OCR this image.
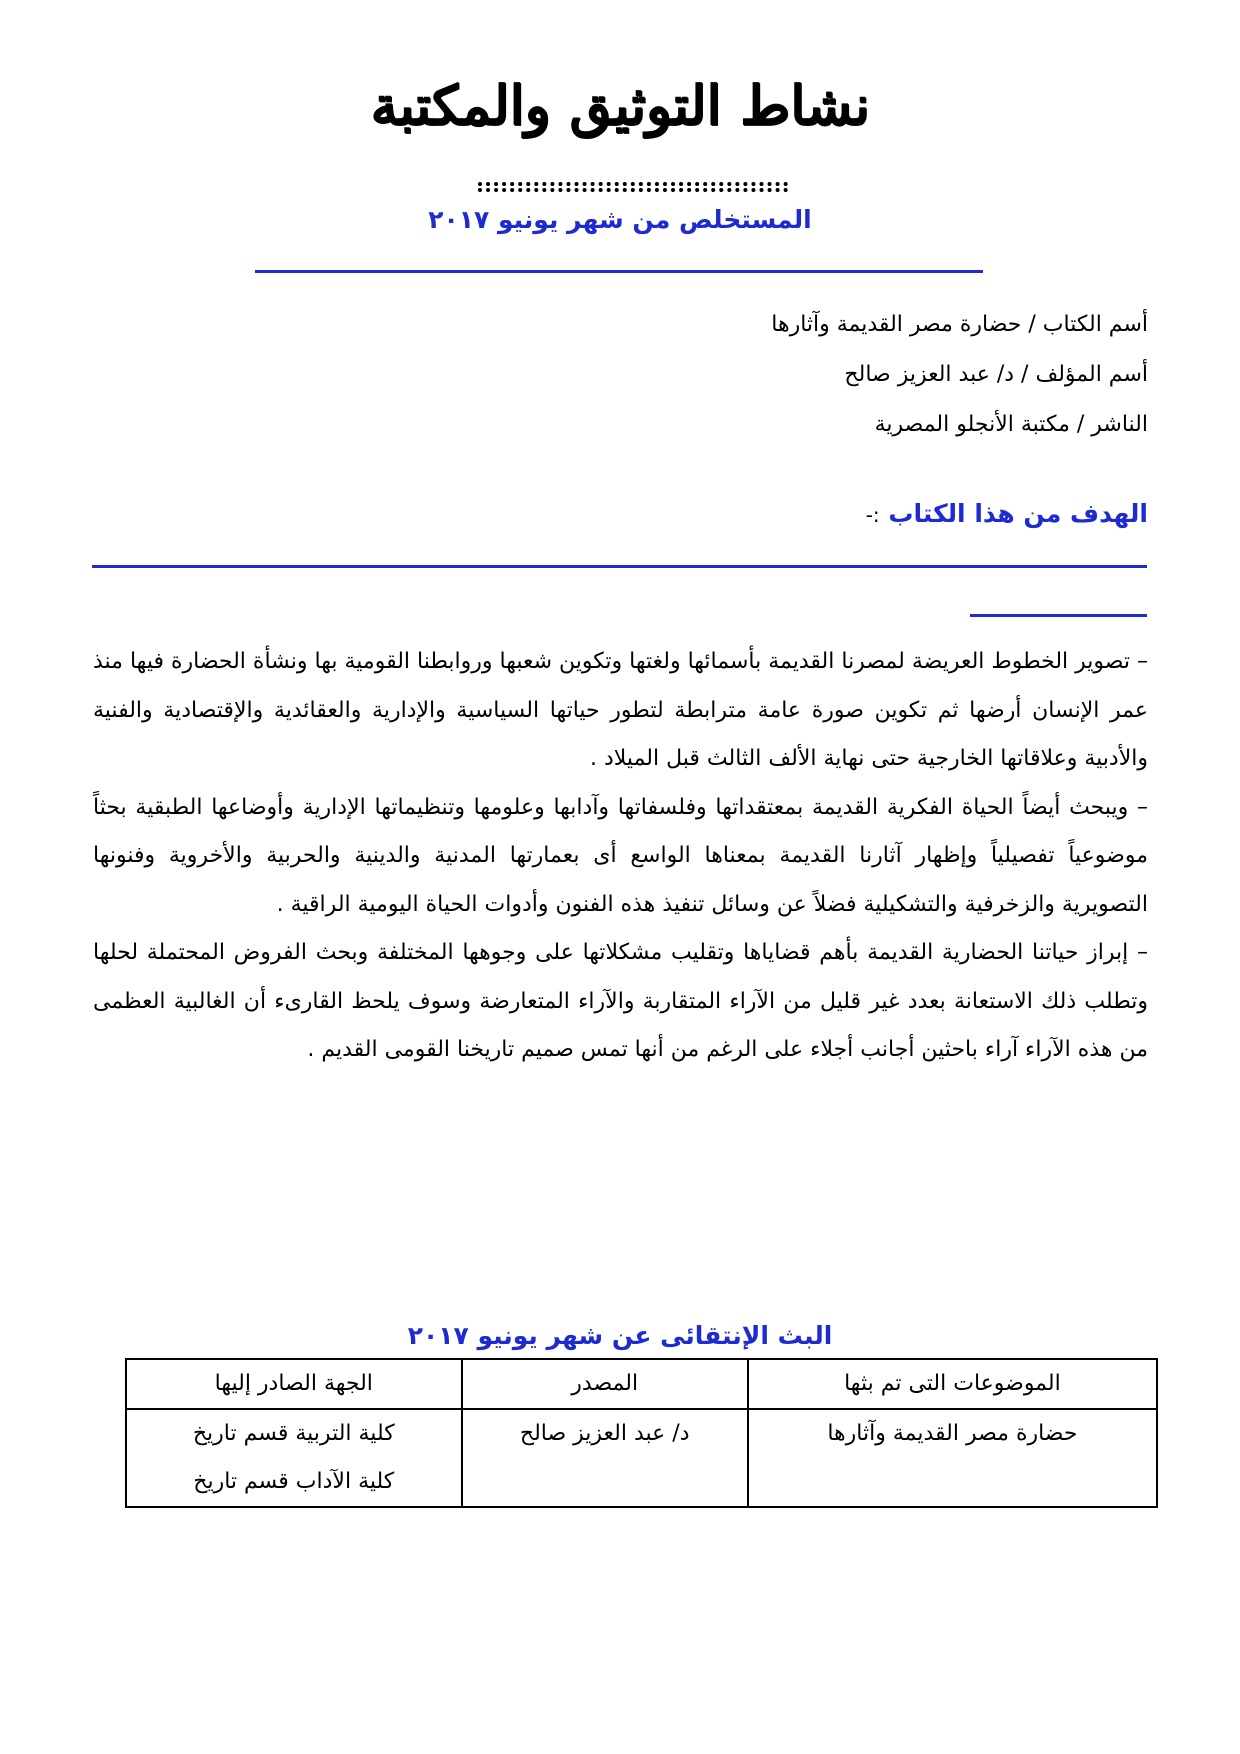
نشاط التوثيق والمكتبة
المستخلص من شهر يونيو ٢٠١٧
أسم الكتاب / حضارة مصر القديمة وآثارها
أسم المؤلف / د/ عبد العزيز صالح
الناشر / مكتبة الأنجلو المصرية
الهدف من هذا الكتاب :-

– تصوير الخطوط العريضة لمصرنا القديمة بأسمائها ولغتها وتكوين شعبها وروابطنا القومية بها ونشأة الحضارة فيها منذ عمر الإنسان أرضها ثم تكوين صورة عامة مترابطة لتطور حياتها السياسية والإدارية والعقائدية والإقتصادية والفنية والأدبية وعلاقاتها الخارجية حتى نهاية الألف الثالث قبل الميلاد .

– ويبحث أيضاً الحياة الفكرية القديمة بمعتقداتها وفلسفاتها وآدابها وعلومها وتنظيماتها الإدارية وأوضاعها الطبقية بحثاً موضوعياً تفصيلياً وإظهار آثارنا القديمة بمعناها الواسع أى بعمارتها المدنية والدينية والحربية والأخروية وفنونها التصويرية والزخرفية والتشكيلية فضلاً عن وسائل تنفيذ هذه الفنون وأدوات الحياة اليومية الراقية .

– إبراز حياتنا الحضارية القديمة بأهم قضاياها وتقليب مشكلاتها على وجوهها المختلفة وبحث الفروض المحتملة لحلها وتطلب ذلك الاستعانة بعدد غير قليل من الآراء المتقاربة والآراء المتعارضة وسوف يلحظ القارىء أن الغالبية العظمى من هذه الآراء آراء باحثين أجانب أجلاء على الرغم من أنها تمس صميم تاريخنا القومى القديم .

البث الإنتقائى عن شهر يونيو ٢٠١٧
الموضوعات التى تم بثها	المصدر	الجهة الصادر إليها
حضارة مصر القديمة وآثارها	د/ عبد العزيز صالح	كلية التربية قسم تاريخ
كلية الآداب قسم تاريخ
